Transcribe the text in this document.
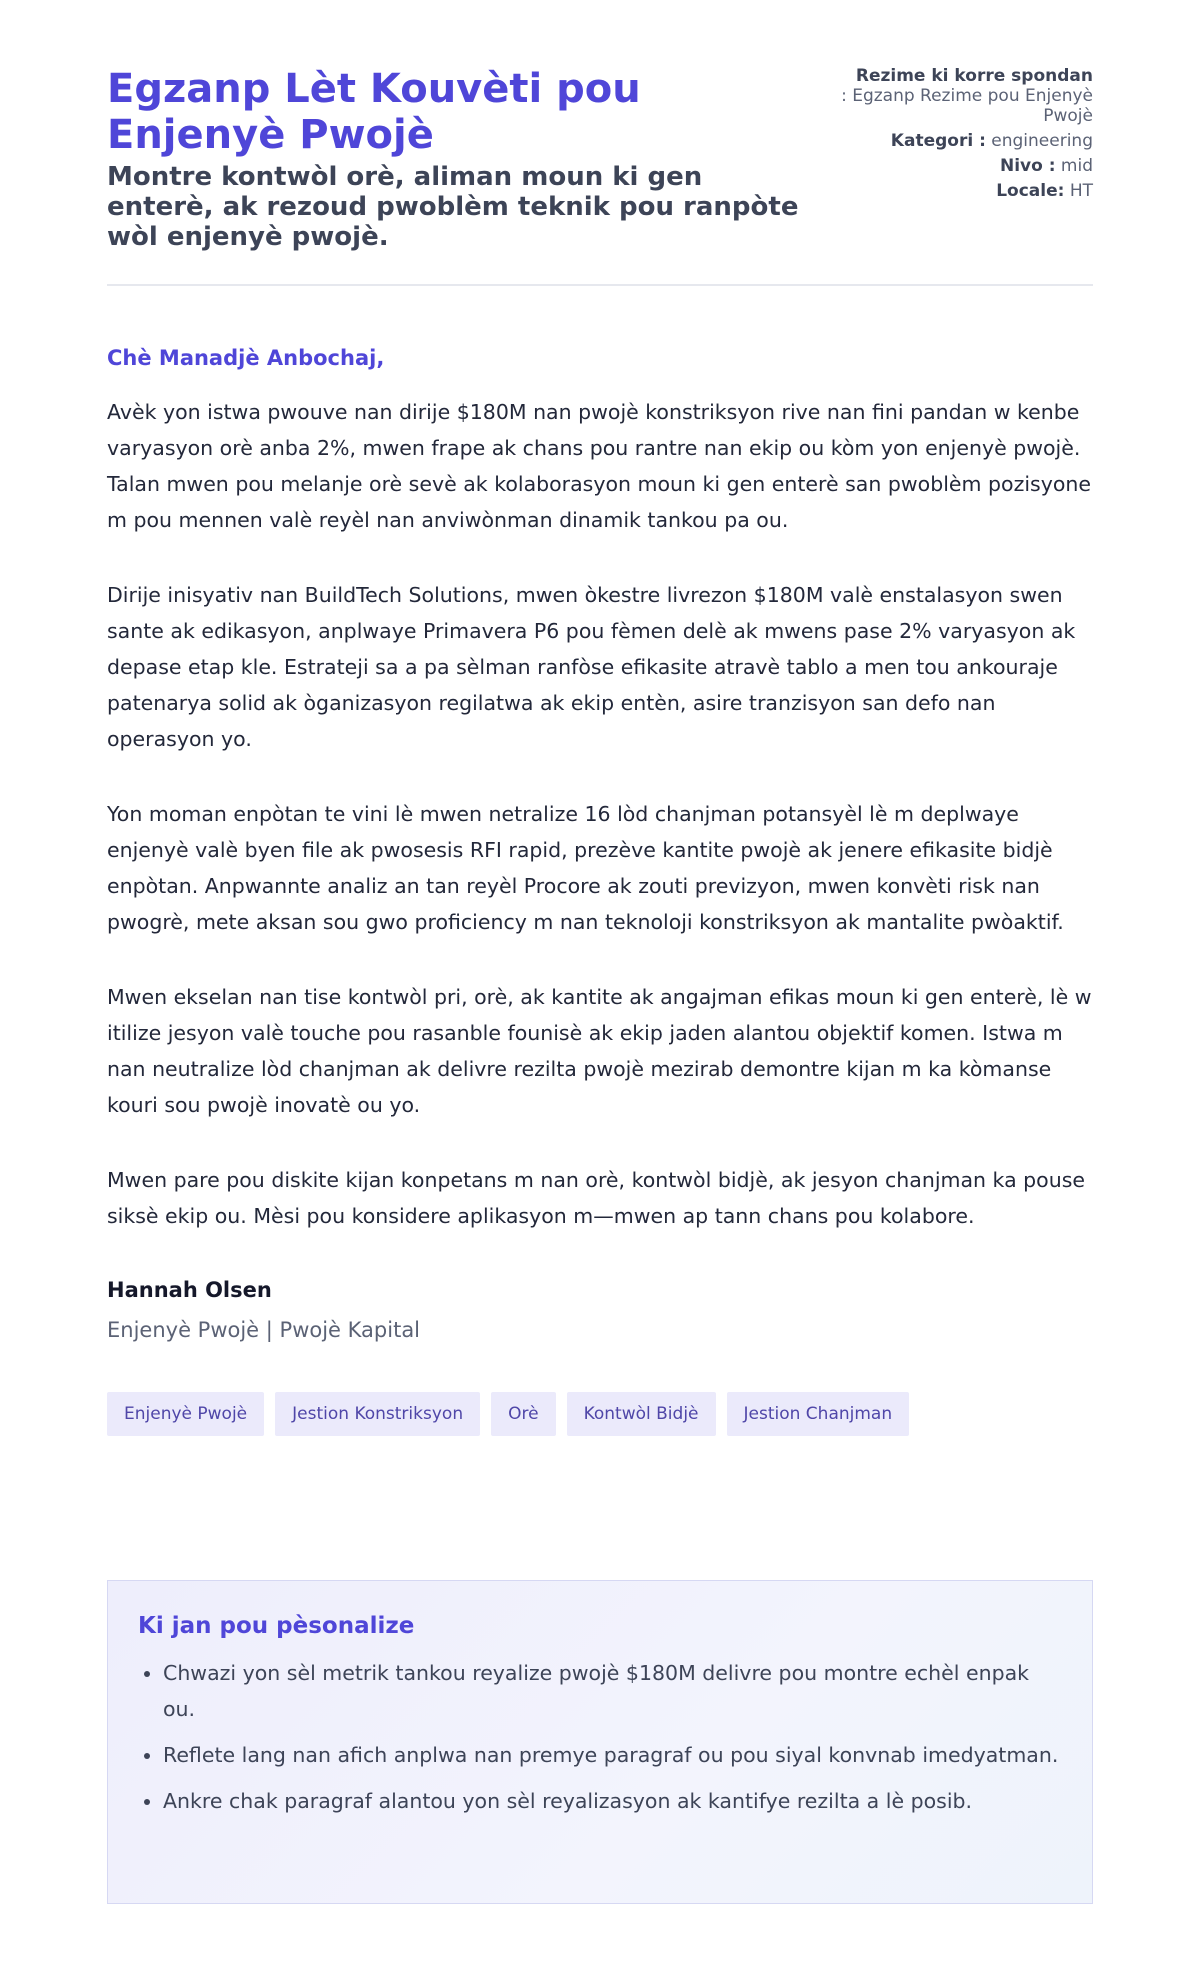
Egzanp Lèt Kouvèti pou Enjenyè Pwojè

Montre kontwòl orè, aliman moun ki gen enterè, ak rezoud pwoblèm teknik pou ranpòte wòl enjenyè pwojè.

Rezime ki korre spondan
: Egzanp Rezime pou Enjenyè Pwojè
Kategori : engineering
Nivo : mid
Locale: HT

Chè Manadjè Anbochaj,

Avèk yon istwa pwouve nan dirije $180M nan pwojè konstriksyon rive nan fini pandan w kenbe varyasyon orè anba 2%, mwen frape ak chans pou rantre nan ekip ou kòm yon enjenyè pwojè. Talan mwen pou melanje orè sevè ak kolaborasyon moun ki gen enterè san pwoblèm pozisyone m pou mennen valè reyèl nan anviwònman dinamik tankou pa ou.

Dirije inisyativ nan BuildTech Solutions, mwen òkestre livrezon $180M valè enstalasyon swen sante ak edikasyon, anplwaye Primavera P6 pou fèmen delè ak mwens pase 2% varyasyon ak depase etap kle. Estrateji sa a pa sèlman ranfòse efikasite atravè tablo a men tou ankouraje patenarya solid ak òganizasyon regilatwa ak ekip entèn, asire tranzisyon san defo nan operasyon yo.

Yon moman enpòtan te vini lè mwen netralize 16 lòd chanjman potansyèl lè m deplwaye enjenyè valè byen file ak pwosesis RFI rapid, prezève kantite pwojè ak jenere efikasite bidjè enpòtan. Anpwannte analiz an tan reyèl Procore ak zouti previzyon, mwen konvèti risk nan pwogrè, mete aksan sou gwo proficiency m nan teknoloji konstriksyon ak mantalite pwòaktif.

Mwen ekselan nan tise kontwòl pri, orè, ak kantite ak angajman efikas moun ki gen enterè, lè w itilize jesyon valè touche pou rasanble founisè ak ekip jaden alantou objektif komen. Istwa m nan neutralize lòd chanjman ak delivre rezilta pwojè mezirab demontre kijan m ka kòmanse kouri sou pwojè inovatè ou yo.

Mwen pare pou diskite kijan konpetans m nan orè, kontwòl bidjè, ak jesyon chanjman ka pouse siksè ekip ou. Mèsi pou konsidere aplikasyon m—mwen ap tann chans pou kolabore.

Hannah Olsen
Enjenyè Pwojè | Pwojè Kapital
Enjenyè Pwojè	Jestion Konstriksyon	Orè	Kontwòl Bidjè	Jestion Chanjman
Ki jan pou pèsonalize
• Chwazi yon sèl metrik tankou reyalize pwojè $180M delivre pou montre echèl enpak ou.
• Reflete lang nan afich anplwa nan premye paragraf ou pou siyal konvnab imedyatman.
• Ankre chak paragraf alantou yon sèl reyalizasyon ak kantifye rezilta a lè posib.
